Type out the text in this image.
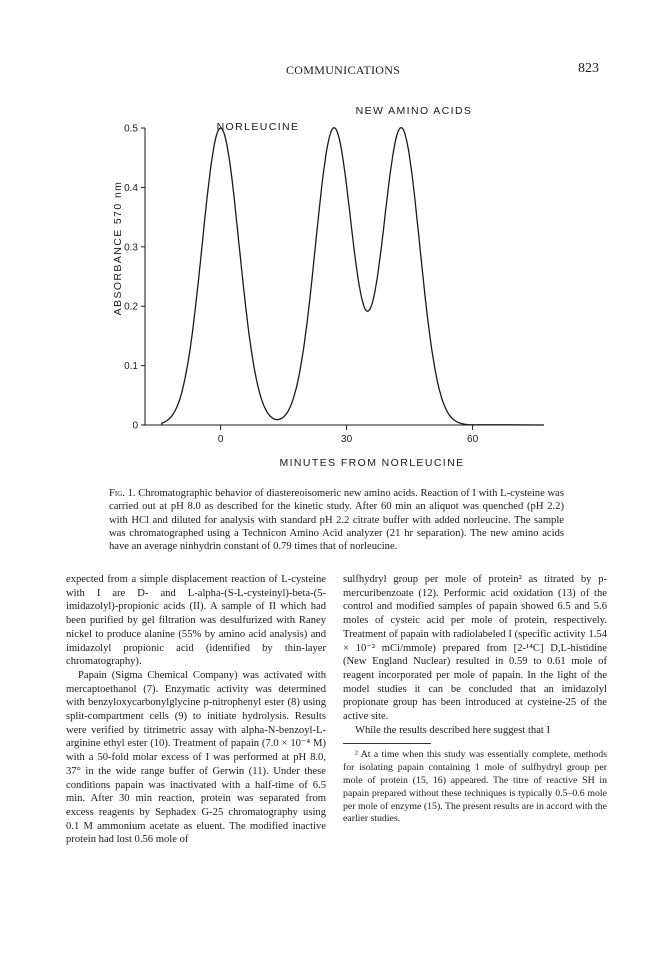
COMMUNICATIONS	823
0
0.1
0.2
0.3
0.4
0.5
0	30	60
ABSORBANCE 570 nm
MINUTES FROM NORLEUCINE
NORLEUCINE
NEW AMINO ACIDS
Fig. 1. Chromatographic behavior of diastereoisomeric new amino acids. Reaction of I with L-cysteine was carried out at pH 8.0 as described for the kinetic study. After 60 min an aliquot was quenched (pH 2.2) with HCl and diluted for analysis with standard pH 2.2 citrate buffer with added norleucine. The sample was chromatographed using a Technicon Amino Acid analyzer (21 hr separation). The new amino acids have an average ninhydrin constant of 0.79 times that of norleucine.

expected from a simple displacement reaction of L-cysteine with I are D- and L-alpha-(S-L-cysteinyl)-beta-(5-imidazolyl)-propionic acids (II). A sample of II which had been purified by gel filtration was desulfurized with Raney nickel to produce alanine (55% by amino acid analysis) and imidazolyl propionic acid (identified by thin-layer chromatography).

Papain (Sigma Chemical Company) was activated with mercaptoethanol (7). Enzymatic activity was determined with benzyloxycarbonylglycine p-nitrophenyl ester (8) using split-compartment cells (9) to initiate hydrolysis. Results were verified by titrimetric assay with alpha-N-benzoyl-L-arginine ethyl ester (10). Treatment of papain (7.0 × 10⁻⁴ M) with a 50-fold molar excess of I was performed at pH 8.0, 37° in the wide range buffer of Gerwin (11). Under these conditions papain was inactivated with a half-time of 6.5 min. After 30 min reaction, protein was separated from excess reagents by Sephadex G-25 chromatography using 0.1 M ammonium acetate as eluent. The modified inactive protein had lost 0.56 mole of

sulfhydryl group per mole of protein² as titrated by p-mercuribenzoate (12). Performic acid oxidation (13) of the control and modified samples of papain showed 6.5 and 5.6 moles of cysteic acid per mole of protein, respectively. Treatment of papain with radiolabeled I (specific activity 1.54 × 10⁻² mCi/mmole) prepared from [2-¹⁴C] D,L-histidine (New England Nuclear) resulted in 0.59 to 0.61 mole of reagent incorporated per mole of papain. In the light of the model studies it can be concluded that an imidazolyl propionate group has been introduced at cysteine-25 of the active site.

While the results described here suggest that I

² At a time when this study was essentially complete, methods for isolating papain containing 1 mole of sulfhydryl group per mole of protein (15, 16) appeared. The titre of reactive SH in papain prepared without these techniques is typically 0.5–0.6 mole per mole of enzyme (15). The present results are in accord with the earlier studies.
